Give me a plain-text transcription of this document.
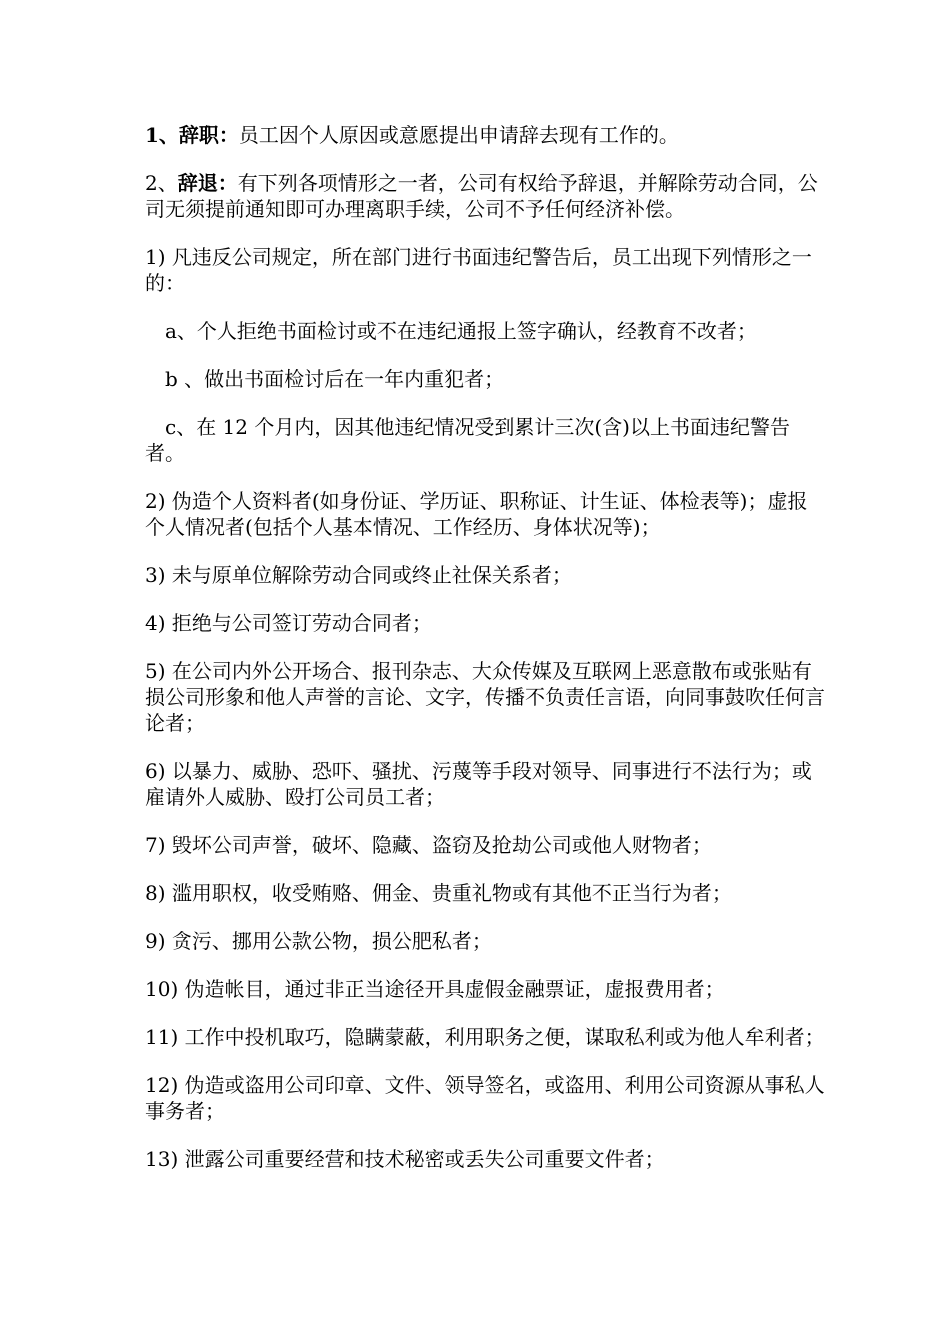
1、辞职：员工因个人原因或意愿提出申请辞去现有工作的。

2、辞退：有下列各项情形之一者，公司有权给予辞退，并解除劳动合同，公司无须提前通知即可办理离职手续，公司不予任何经济补偿。

1) 凡违反公司规定，所在部门进行书面违纪警告后，员工出现下列情形之一的：

a、个人拒绝书面检讨或不在违纪通报上签字确认，经教育不改者；

b 、做出书面检讨后在一年内重犯者；

c、在 12 个月内，因其他违纪情况受到累计三次(含)以上书面违纪警告者。

2) 伪造个人资料者(如身份证、学历证、职称证、计生证、体检表等)；虚报个人情况者(包括个人基本情况、工作经历、身体状况等)；

3) 未与原单位解除劳动合同或终止社保关系者；

4) 拒绝与公司签订劳动合同者；

5) 在公司内外公开场合、报刊杂志、大众传媒及互联网上恶意散布或张贴有损公司形象和他人声誉的言论、文字，传播不负责任言语，向同事鼓吹任何言论者；

6) 以暴力、威胁、恐吓、骚扰、污蔑等手段对领导、同事进行不法行为；或雇请外人威胁、殴打公司员工者；

7) 毁坏公司声誉，破坏、隐藏、盗窃及抢劫公司或他人财物者；

8) 滥用职权，收受贿赂、佣金、贵重礼物或有其他不正当行为者；

9) 贪污、挪用公款公物，损公肥私者；

10) 伪造帐目，通过非正当途径开具虚假金融票证，虚报费用者；

11) 工作中投机取巧，隐瞒蒙蔽，利用职务之便，谋取私利或为他人牟利者；

12) 伪造或盗用公司印章、文件、领导签名，或盗用、利用公司资源从事私人事务者；

13) 泄露公司重要经营和技术秘密或丢失公司重要文件者；
